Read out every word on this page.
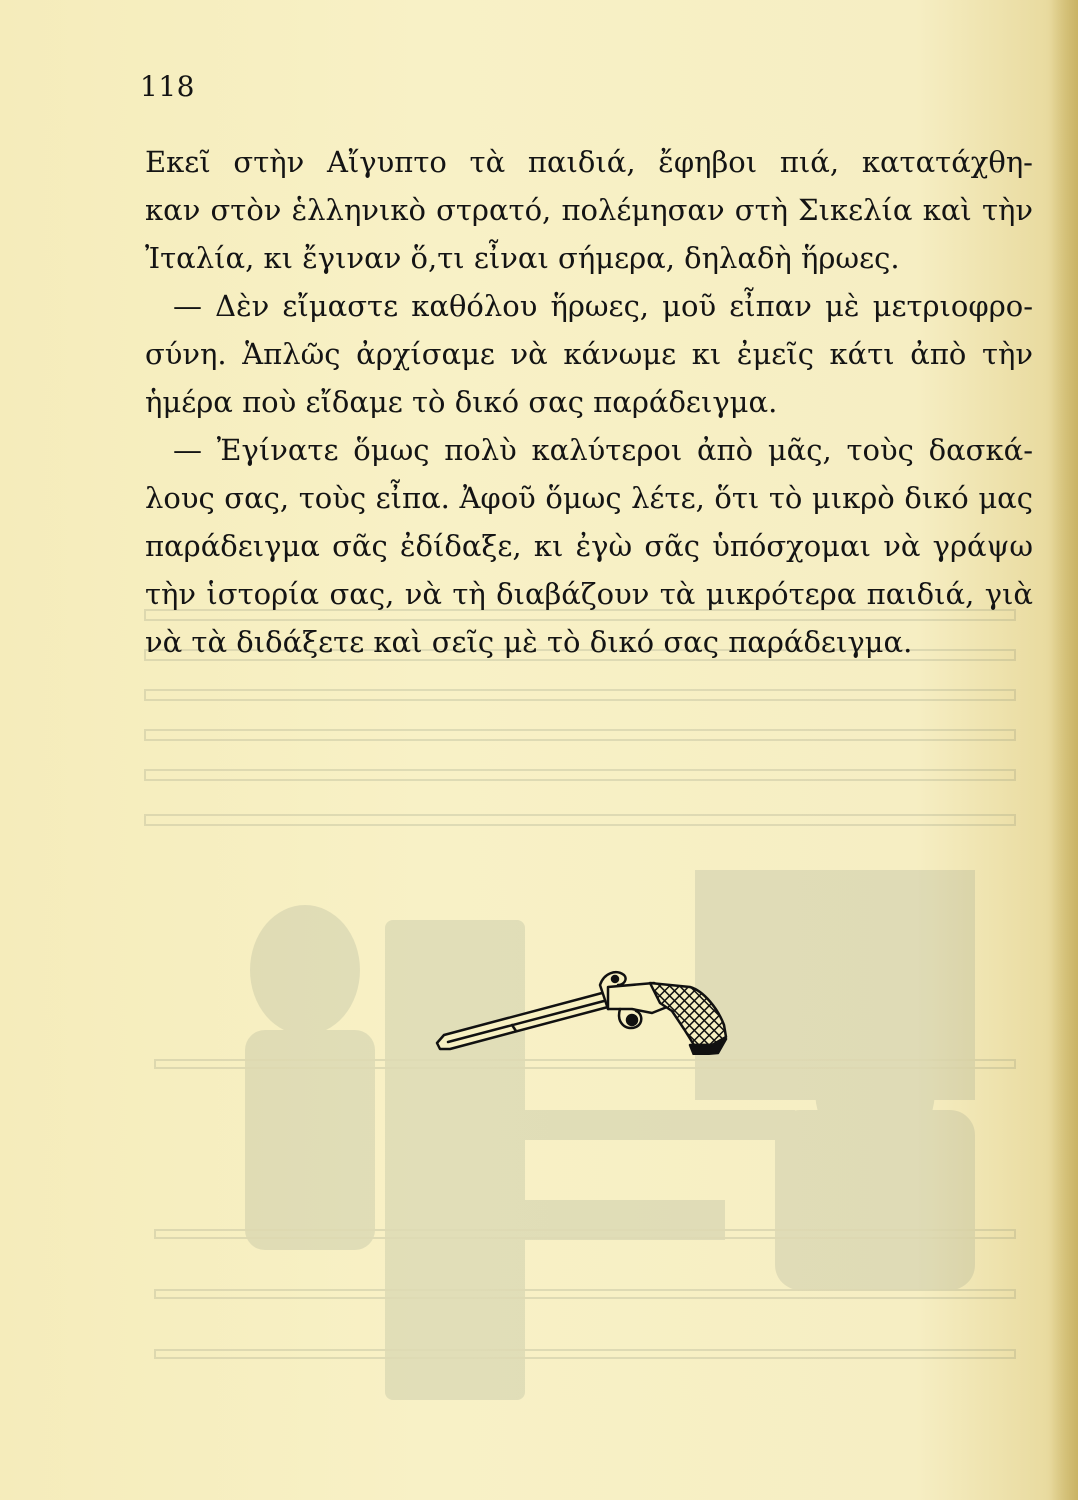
118
Εκεῖ στὴν Αἴγυπτο τὰ παιδιά, ἔφηβοι πιά, κατατάχθη-
καν στὸν ἑλληνικὸ στρατό, πολέμησαν στὴ Σικελία καὶ τὴν
Ἰταλία, κι ἔγιναν ὅ,τι εἶναι σήμερα, δηλαδὴ ἥρωες.
— Δὲν εἴμαστε καθόλου ἥρωες, μοῦ εἶπαν μὲ μετριοφρο-
σύνη. Ἁπλῶς ἀρχίσαμε νὰ κάνωμε κι ἐμεῖς κάτι ἀπὸ τὴν
ἡμέρα ποὺ εἴδαμε τὸ δικό σας παράδειγμα.
— Ἐγίνατε ὅμως πολὺ καλύτεροι ἀπὸ μᾶς, τοὺς δασκά-
λους σας, τοὺς εἶπα. Ἀφοῦ ὅμως λέτε, ὅτι τὸ μικρὸ δικό μας
παράδειγμα σᾶς ἐδίδαξε, κι ἐγὼ σᾶς ὑπόσχομαι νὰ γράψω
τὴν ἱστορία σας, νὰ τὴ διαβάζουν τὰ μικρότερα παιδιά, γιὰ
νὰ τὰ διδάξετε καὶ σεῖς μὲ τὸ δικό σας παράδειγμα.
